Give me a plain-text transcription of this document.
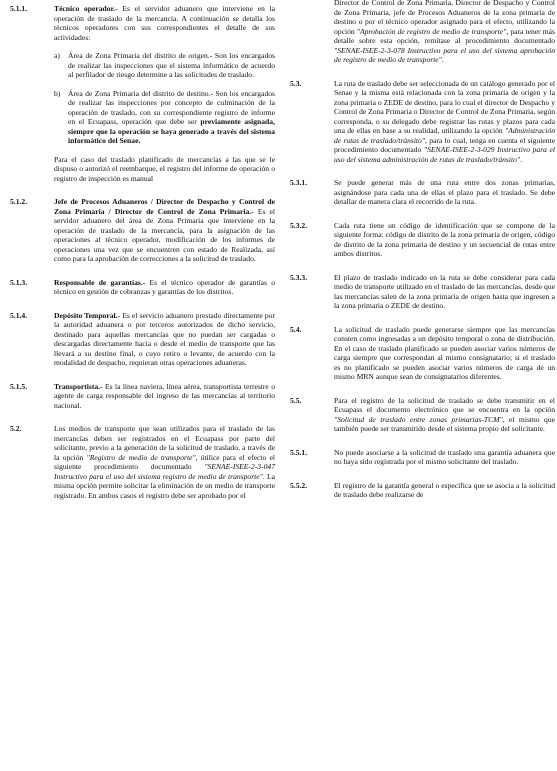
5.1.1.	Técnico operador.- Es el servidor aduanero que interviene en la operación de traslado de la mercancía. A continuación se detalla los técnicos operadores con sus correspondientes el detalle de sus actividades:
a) Área de Zona Primaria del distrito de origen.- Son los encargados de realizar las inspecciones que el sistema informático de acuerdo al perfilador de riesgo determine a las solicitudes de traslado.
b) Área de Zona Primaria del distrito de destino.- Son los encargados de realizar las inspecciones por concepto de culminación de la operación de traslado, con su correspondiente registro de informe en el Ecuapass, operación que debe ser previamente asignada, siempre que la operación se haya generado a través del sistema informático del Senae.
Para el caso del traslado planificado de mercancías a las que se le dispuso o autorizó el reembarque, el registro del informe de operación o registro de inspección es manual
5.1.2.	Jefe de Procesos Aduaneros / Director de Despacho y Control de Zona Primaria / Director de Control de Zona Primaria.- Es el servidor aduanero del área de Zona Primaria que interviene en la operación de traslado de la mercancía, para la asignación de las operaciones al técnico operador, modificación de los informes de operaciones una vez que se encuentren con estado de Realizada, así como para la aprobación de correcciones a la solicitud de traslado.
5.1.3.	Responsable de garantías.- Es el técnico operador de garantías o técnico en gestión de cobranzas y garantías de los distritos.
5.1.4.	Depósito Temporal.- Es el servicio aduanero prestado directamente por la autoridad aduanera o por terceros autorizados de dicho servicio, destinado para aquellas mercancías que no puedan ser cargadas o descargadas directamente hacia o desde el medio de transporte que las llevará a su destino final, o cuyo retiro o levante, de acuerdo con la modalidad de despacho, requieran otras operaciones aduaneras.
5.1.5.	Transportista.- Es la línea naviera, línea aérea, transportista terrestre o agente de carga responsable del ingreso de las mercancías al territorio nacional.
5.2.	Los medios de transporte que sean utilizados para el traslado de las mercancías deben ser registrados en el Ecuapass por parte del solicitante, previo a la generación de la solicitud de traslado, a través de la opción "Registro de medio de transporte", útilice para el efecto el siguiente procedimiento documentado "SENAE-ISEE-2-3-047 Instructivo para el uso del sistema registro de medio de transporte". La misma opción permite solicitar la eliminación de un medio de transporte registrado. En ambos casos el registro debe ser aprobado por el
Director de Control de Zona Primaria, Director de Despacho y Control de Zona Primaria, jefe de Procesos Aduaneros de la zona primaria de destino o por el técnico operador asignado para el efecto, utilizando la opción "Aprobación de registro de medio de transporte", para tener más detalle sobre esta opción, remítase al procedimiento documentado "SENAE-ISEE-2-3-078 Instructivo para el uso del sistema aprobación de registro de medio de transporte".
5.3.	La ruta de traslado debe ser seleccionada de un catálogo generado por el Senae y la misma está relacionada con la zona primaria de origen y la zona primaria o ZEDE de destino, para lo cual el director de Despacho y Control de Zona Primaria o Director de Control de Zona Primaria, según corresponda, o su delegado debe registrar las rutas y plazos para cada una de ellas en base a su realidad, utilizando la opción "Administración de rutas de traslado/tránsito", para lo cual, tenga en cuenta el siguiente procedimiento documentado "SENAE-ISEE-2-3-029 Instructivo para el uso del sistema administración de rutas de traslado/tránsito".
5.3.1.	Se puede generar más de una ruta entre dos zonas primarias, asignándose para cada una de ellas el plazo para el traslado. Se debe detallar de manera clara el recorrido de la ruta.
5.3.2.	Cada ruta tiene un código de identificación que se compone de la siguiente forma: código de distrito de la zona primaria de origen, código de distrito de la zona primaria de destino y un secuencial de rutas entre ambos distritos.
5.3.3.	El plazo de traslado indicado en la ruta se debe considerar para cada medio de transporte utilizado en el traslado de las mercancías, desde que las mercancías salen de la zona primaria de origen hasta que ingresen a la zona primaria o ZEDE de destino.
5.4.	La solicitud de traslado puede generarse siempre que las mercancías consten como ingresadas a un depósito temporal o zona de distribución. En el caso de traslado planificado se pueden asociar varios números de carga siempre que correspondan al mismo consignatario; si el traslado es no planificado se pueden asociar varios números de carga de un mismo MRN aunque sean de consignatarios diferentes.
5.5.	Para el registro de la solicitud de traslado se debe transmitir en el Ecuapass el documento electrónico que se encuentra en la opción "Solicitud de traslado entre zonas primarias-TCM", el mismo que también puede ser transmitido desde el sistema propio del solicitante.
5.5.1.	No puede asociarse a la solicitud de traslado una garantía aduanera que no haya sido registrada por el mismo solicitante del traslado.
5.5.2.	El registro de la garantía general o específica que se asocia a la solicitud de traslado debe realizarse de
